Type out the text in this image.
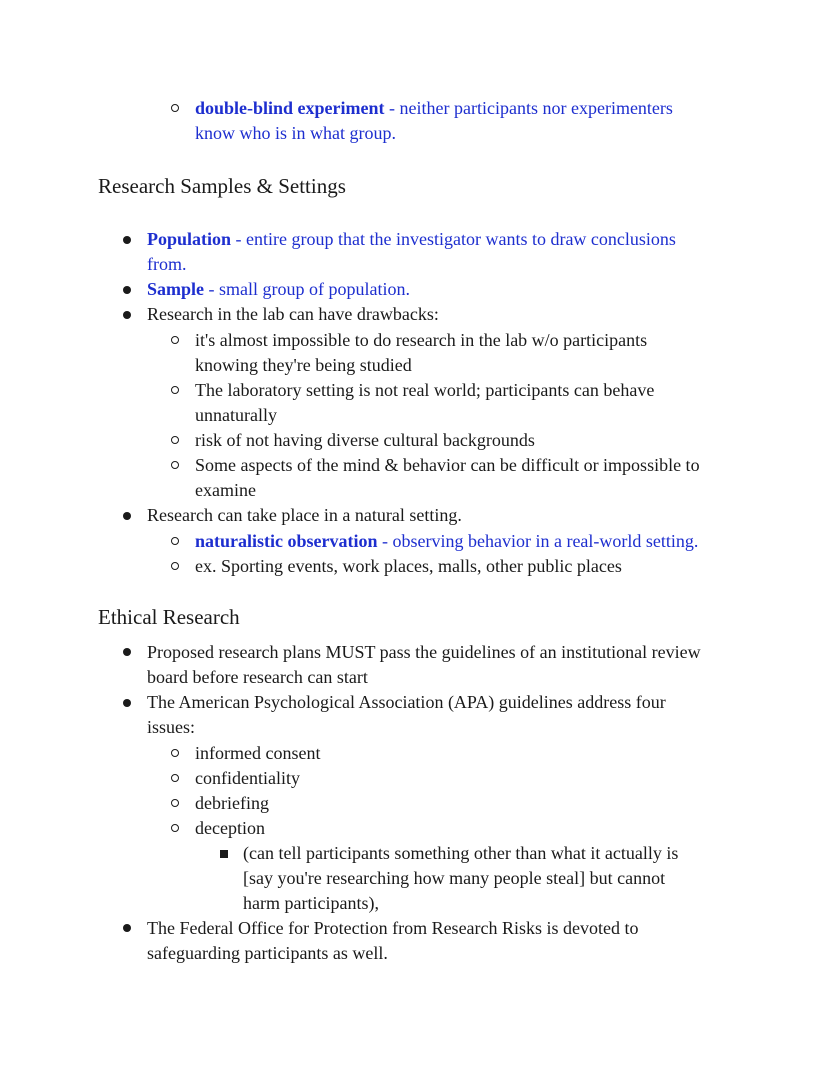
double-blind experiment - neither participants nor experimenters
know who is in what group.
Research Samples & Settings
Population - entire group that the investigator wants to draw conclusions
from.
Sample - small group of population.
Research in the lab can have drawbacks:
it's almost impossible to do research in the lab w/o participants
knowing they're being studied
The laboratory setting is not real world; participants can behave
unnaturally
risk of not having diverse cultural backgrounds
Some aspects of the mind & behavior can be difficult or impossible to
examine
Research can take place in a natural setting.
naturalistic observation - observing behavior in a real-world setting.
ex. Sporting events, work places, malls, other public places
Ethical Research
Proposed research plans MUST pass the guidelines of an institutional review
board before research can start
The American Psychological Association (APA) guidelines address four
issues:
informed consent
confidentiality
debriefing
deception
(can tell participants something other than what it actually is
[say you're researching how many people steal] but cannot
harm participants),
The Federal Office for Protection from Research Risks is devoted to
safeguarding participants as well.
